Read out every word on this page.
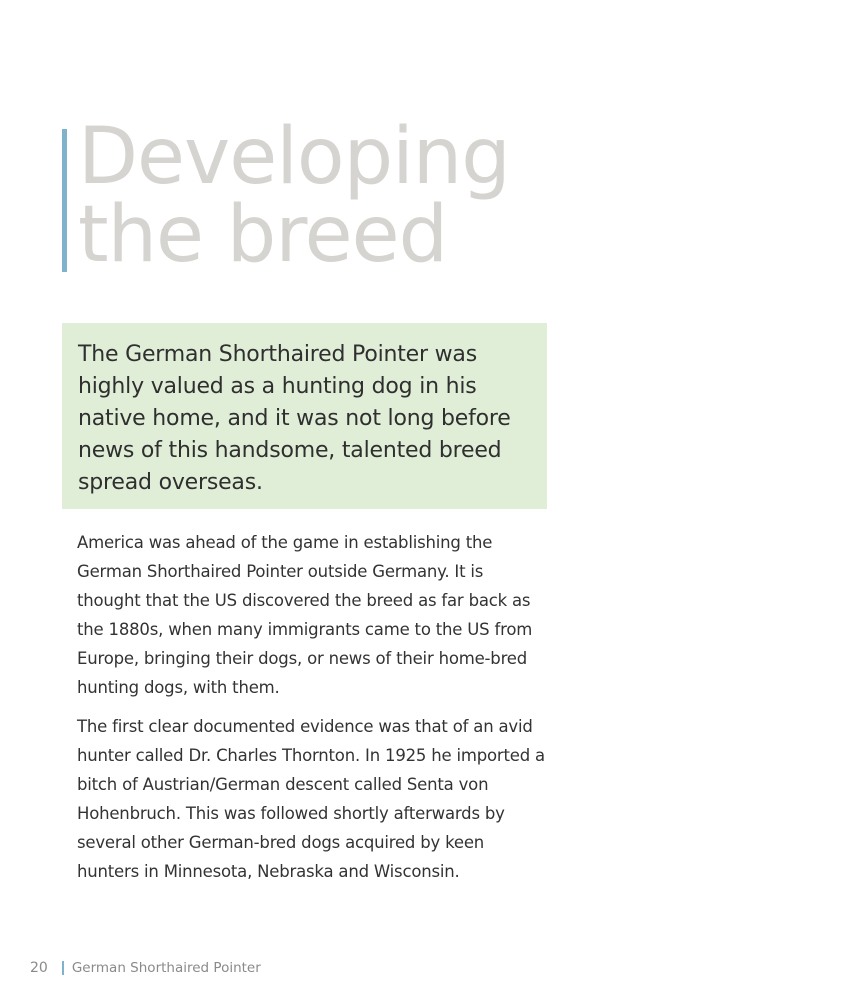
Developing
the breed

The German Shorthaired Pointer was highly valued as a hunting dog in his native home, and it was not long before news of this handsome, talented breed spread overseas.

America was ahead of the game in establishing the German Shorthaired Pointer outside Germany. It is thought that the US discovered the breed as far back as the 1880s, when many immigrants came to the US from Europe, bringing their dogs, or news of their home-bred hunting dogs, with them.

The first clear documented evidence was that of an avid hunter called Dr. Charles Thornton. In 1925 he imported a bitch of Austrian/German descent called Senta von Hohenbruch. This was followed shortly afterwards by several other German-bred dogs acquired by keen hunters in Minnesota, Nebraska and Wisconsin.

20 German Shorthaired Pointer
